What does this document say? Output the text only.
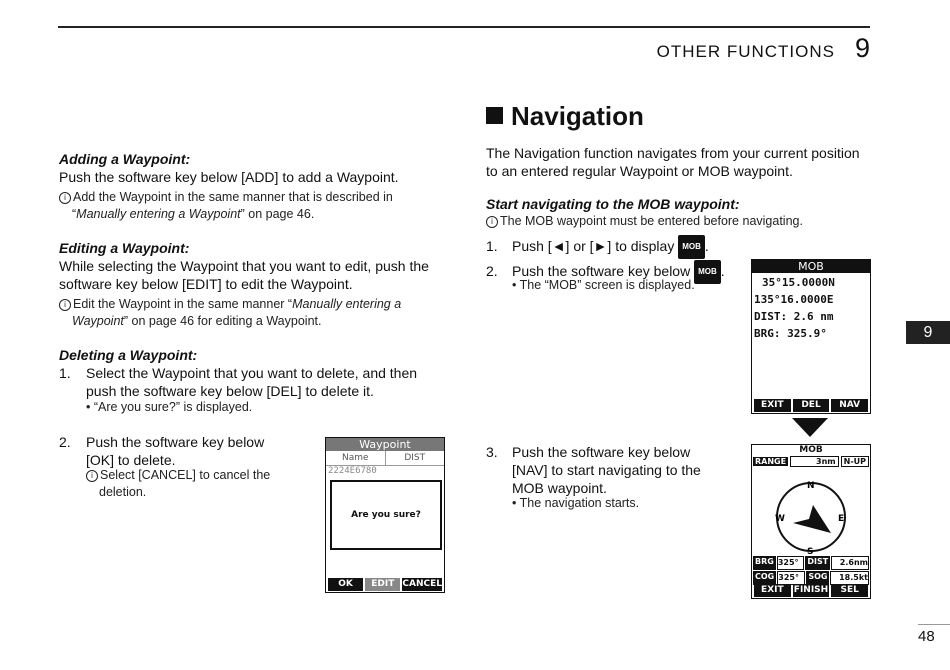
OTHER FUNCTIONS 9
Adding a Waypoint:
Push the software key below [ADD] to add a Waypoint.
i Add the Waypoint in the same manner that is described in
“Manually entering a Waypoint” on page 46.
Editing a Waypoint:
While selecting the Waypoint that you want to edit, push the
software key below [EDIT] to edit the Waypoint.
i Edit the Waypoint in the same manner “Manually entering a
Waypoint” on page 46 for editing a Waypoint.
Deleting a Waypoint:
1. Select the Waypoint that you want to delete, and then
push the software key below [DEL] to delete it.
• “Are you sure?” is displayed.
2. Push the software key below
[OK] to delete.
i Select [CANCEL] to cancel the
deletion.
Waypoint
Name	DIST
2224E6780
Are you sure?
OK	EDIT CANCEL
Navigation
The Navigation function navigates from your current position
to an entered regular Waypoint or MOB waypoint.
Start navigating to the MOB waypoint:
i The MOB waypoint must be entered before navigating.
1. Push [◄] or [►] to display MOB .
2. Push the software key below MOB .
• The “MOB” screen is displayed.
MOB
35°15.0000N
135°16.0000E
DIST: 2.6 nm
BRG: 325.9°
EXIT	DEL	NAV
3. Push the software key below
[NAV] to start navigating to the
MOB waypoint.
• The navigation starts.
MOB
RANGE	3nm	N-UP
N
E
S
W
BRG 325°	DIST	2.6nm
COG 325°	SOG	18.5kt
EXIT	FINISH	SEL
9
48
